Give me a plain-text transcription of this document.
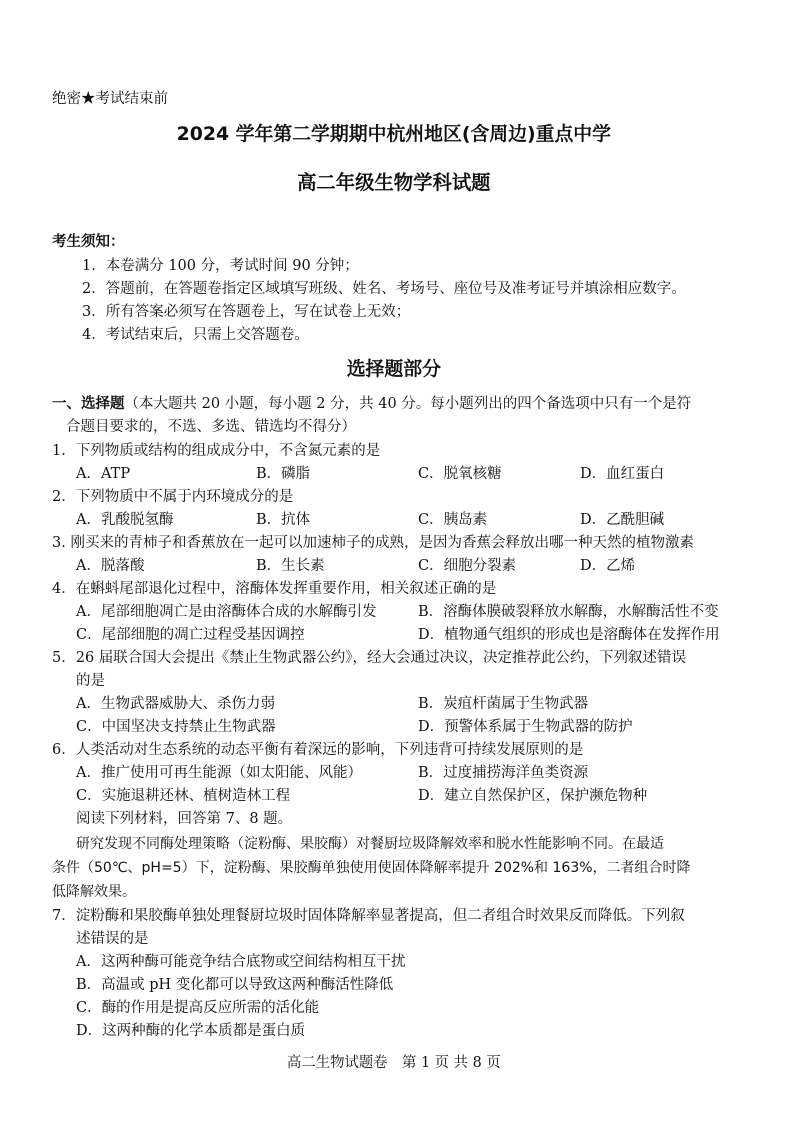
绝密★考试结束前
2024 学年第二学期期中杭州地区(含周边)重点中学
高二年级生物学科试题
考生须知：
1．本卷满分 100 分，考试时间 90 分钟；
2．答题前，在答题卷指定区域填写班级、姓名、考场号、座位号及准考证号并填涂相应数字。
3．所有答案必须写在答题卷上，写在试卷上无效；
4．考试结束后，只需上交答题卷。
选择题部分
一、选择题（本大题共 20 小题，每小题 2 分，共 40 分。每小题列出的四个备选项中只有一个是符
合题目要求的，不选、多选、错选均不得分）
1．下列物质或结构的组成成分中，不含氮元素的是
A．ATP	B．磷脂	C．脱氧核糖	D．血红蛋白
2．下列物质中不属于内环境成分的是
A．乳酸脱氢酶	B．抗体	C．胰岛素	D．乙酰胆碱
3. 刚买来的青柿子和香蕉放在一起可以加速柿子的成熟，是因为香蕉会释放出哪一种天然的植物激素
A．脱落酸	B．生长素	C．细胞分裂素	D．乙烯
4．在蝌蚪尾部退化过程中，溶酶体发挥重要作用，相关叙述正确的是
A．尾部细胞凋亡是由溶酶体合成的水解酶引发	B．溶酶体膜破裂释放水解酶，水解酶活性不变
C．尾部细胞的凋亡过程受基因调控	D．植物通气组织的形成也是溶酶体在发挥作用
5．26 届联合国大会提出《禁止生物武器公约》，经大会通过决议，决定推荐此公约，下列叙述错误
的是
A．生物武器威胁大、杀伤力弱	B．炭疽杆菌属于生物武器
C．中国坚决支持禁止生物武器	D．预警体系属于生物武器的防护
6．人类活动对生态系统的动态平衡有着深远的影响，下列违背可持续发展原则的是
A．推广使用可再生能源（如太阳能、风能）	B．过度捕捞海洋鱼类资源
C．实施退耕还林、植树造林工程	D．建立自然保护区，保护濒危物种
阅读下列材料，回答第 7、8 题。
研究发现不同酶处理策略（淀粉酶、果胶酶）对餐厨垃圾降解效率和脱水性能影响不同。在最适
条件（50℃、pH=5）下，淀粉酶、果胶酶单独使用使固体降解率提升 202%和 163%，二者组合时降
低降解效果。
7．淀粉酶和果胶酶单独处理餐厨垃圾时固体降解率显著提高，但二者组合时效果反而降低。下列叙
述错误的是
A．这两种酶可能竞争结合底物或空间结构相互干扰
B．高温或 pH 变化都可以导致这两种酶活性降低
C．酶的作用是提高反应所需的活化能
D．这两种酶的化学本质都是蛋白质
高二生物试题卷　第 1 页 共 8 页
